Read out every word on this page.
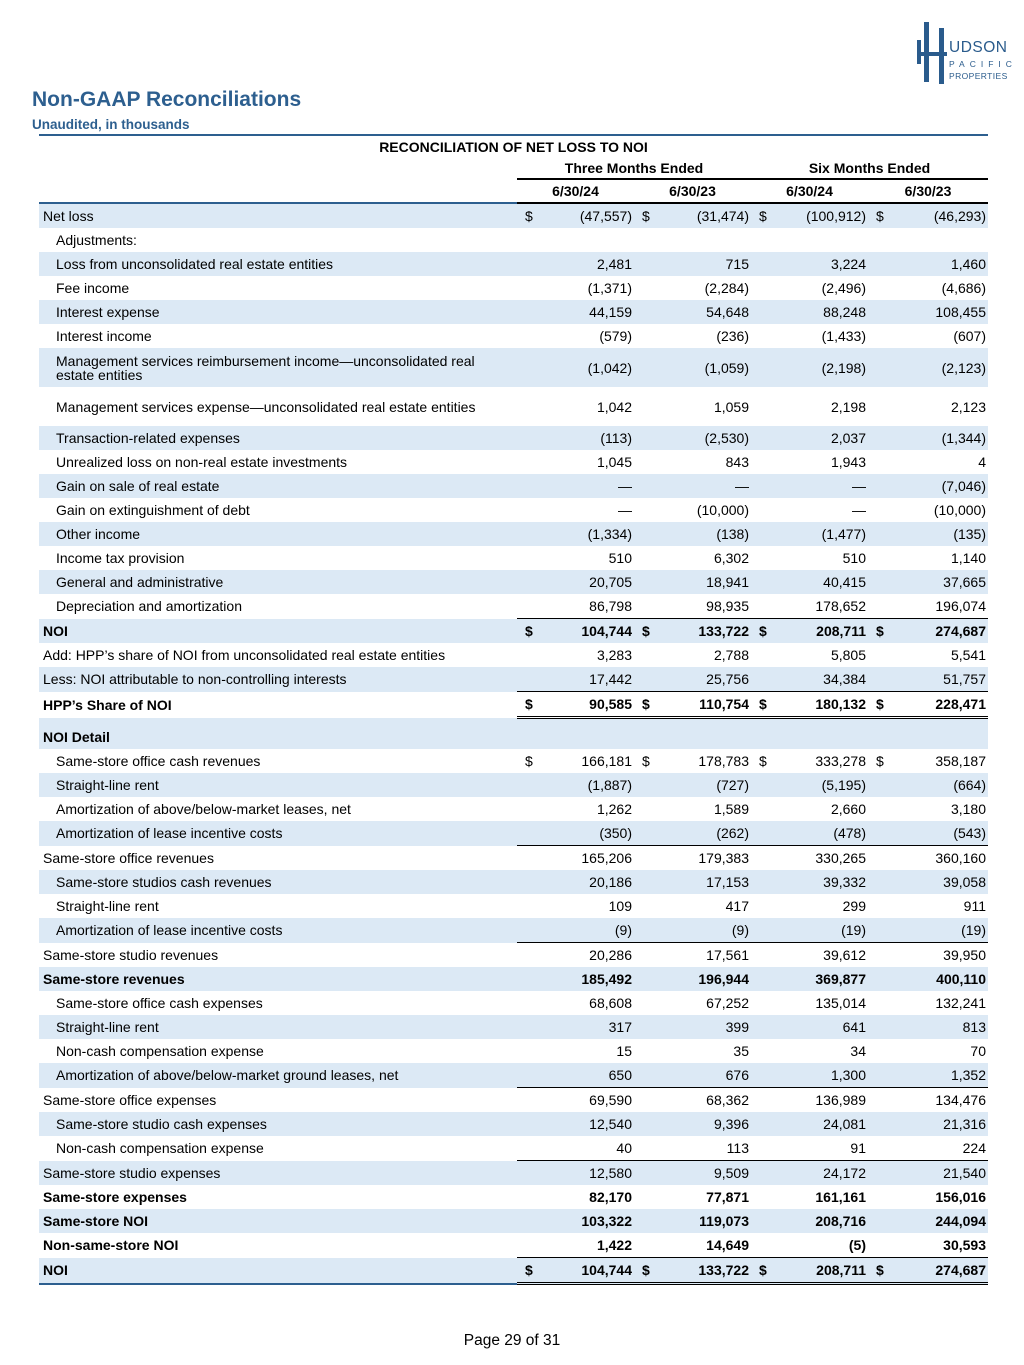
UDSON
PACIFIC
PROPERTIES
Non-GAAP Reconciliations
Unaudited, in thousands
RECONCILIATION OF NET LOSS TO NOI								
	Three Months Ended				Six Months Ended			
	6/30/24		6/30/23		6/30/24		6/30/23	
Net loss	$	(47,557)	$	(31,474)	$	(100,912)	$	(46,293)
Adjustments:								
Loss from unconsolidated real estate entities		2,481		715		3,224		1,460
Fee income		(1,371)		(2,284)		(2,496)		(4,686)
Interest expense		44,159		54,648		88,248		108,455
Interest income		(579)		(236)		(1,433)		(607)
Management services reimbursement income—unconsolidated real estate entities		(1,042)		(1,059)		(2,198)		(2,123)
Management services expense—unconsolidated real estate entities		1,042		1,059		2,198		2,123
Transaction-related expenses		(113)		(2,530)		2,037		(1,344)
Unrealized loss on non-real estate investments		1,045		843		1,943		4
Gain on sale of real estate		—		—		—		(7,046)
Gain on extinguishment of debt		—		(10,000)		—		(10,000)
Other income		(1,334)		(138)		(1,477)		(135)
Income tax provision		510		6,302		510		1,140
General and administrative		20,705		18,941		40,415		37,665
Depreciation and amortization		86,798		98,935		178,652		196,074
NOI	$	104,744	$	133,722	$	208,711	$	274,687
Add: HPP’s share of NOI from unconsolidated real estate entities		3,283		2,788		5,805		5,541
Less: NOI attributable to non-controlling interests		17,442		25,756		34,384		51,757
HPP’s Share of NOI	$	90,585	$	110,754	$	180,132	$	228,471

NOI Detail								
Same-store office cash revenues	$	166,181	$	178,783	$	333,278	$	358,187
Straight-line rent		(1,887)		(727)		(5,195)		(664)
Amortization of above/below-market leases, net		1,262		1,589		2,660		3,180
Amortization of lease incentive costs		(350)		(262)		(478)		(543)
Same-store office revenues		165,206		179,383		330,265		360,160
Same-store studios cash revenues		20,186		17,153		39,332		39,058
Straight-line rent		109		417		299		911
Amortization of lease incentive costs		(9)		(9)		(19)		(19)
Same-store studio revenues		20,286		17,561		39,612		39,950
Same-store revenues		185,492		196,944		369,877		400,110
Same-store office cash expenses		68,608		67,252		135,014		132,241
Straight-line rent		317		399		641		813
Non-cash compensation expense		15		35		34		70
Amortization of above/below-market ground leases, net		650		676		1,300		1,352
Same-store office expenses		69,590		68,362		136,989		134,476
Same-store studio cash expenses		12,540		9,396		24,081		21,316
Non-cash compensation expense		40		113		91		224
Same-store studio expenses		12,580		9,509		24,172		21,540
Same-store expenses		82,170		77,871		161,161		156,016
Same-store NOI		103,322		119,073		208,716		244,094
Non-same-store NOI		1,422		14,649		(5)		30,593
NOI	$	104,744	$	133,722	$	208,711	$	274,687
Page 29 of 31
